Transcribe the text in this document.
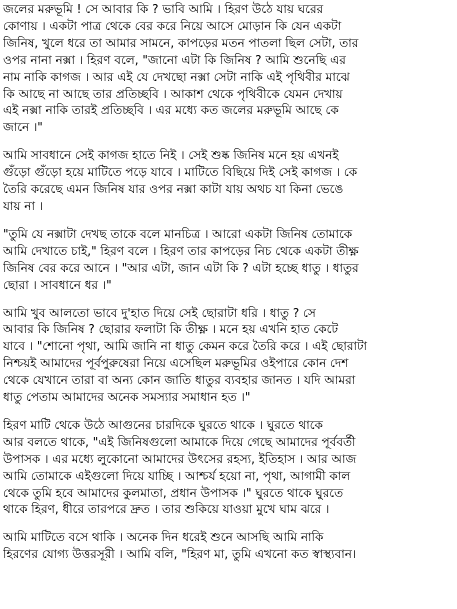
জলের মরুভূমি ! সে আবার কি ? ভাবি আমি । হিরণ উঠে যায় ঘরের
কোণায় । একটা পাত্র থেকে বের করে নিয়ে আসে মোড়ান কি যেন একটা
জিনিষ, খুলে ধরে তা আমার সামনে, কাপড়ের মতন পাতলা ছিল সেটা, তার
ওপর নানা নক্সা । হিরণ বলে, "জানো এটা কি জিনিষ ? আমি শুনেছি এর
নাম নাকি কাগজ । আর এই যে দেখছো নক্সা সেটা নাকি এই পৃথিবীর মাঝে
কি আছে না আছে তার প্রতিচ্ছবি । আকাশ থেকে পৃথিবীকে যেমন দেখায়
এই নক্সা নাকি তারই প্রতিচ্ছবি । এর মধ্যে কত জলের মরুভূমি আছে কে
জানে ।"
আমি সাবধানে সেই কাগজ হাতে নিই । সেই শুষ্ক জিনিষ মনে হয় এখনই
গুঁড়ো গুঁড়ো হয়ে মাটিতে পড়ে যাবে । মাটিতে বিছিয়ে দিই সেই কাগজ । কে
তৈরি করেছে এমন জিনিষ যার ওপর নক্সা কাটা যায় অথচ যা কিনা ভেঙে
যায় না ।
"তুমি যে নক্সাটা দেখছ তাকে বলে মানচিত্র । আরো একটা জিনিষ তোমাকে
আমি দেখাতে চাই," হিরণ বলে । হিরণ তার কাপড়ের নিচ থেকে একটা তীক্ষ্ণ
জিনিষ বের করে আনে । "আর এটা, জান এটা কি ? এটা হচ্ছে ধাতু । ধাতুর
ছোরা । সাবধানে ধর ।"
আমি খুব আলতো ভাবে দু'হাত দিয়ে সেই ছোরাটা ধরি । ধাতু ? সে
আবার কি জিনিষ ? ছোরার ফলাটা কি তীক্ষ্ণ । মনে হয় এখনি হাত কেটে
যাবে । "শোনো পৃথা, আমি জানি না ধাতু কেমন করে তৈরি করে । এই ছোরাটা
নিশ্চয়ই আমাদের পূর্বপুরুষেরা নিয়ে এসেছিল মরুভূমির ওইপারে কোন দেশ
থেকে যেখানে তারা বা অন্য কোন জাতি ধাতুর ব্যবহার জানত । যদি আমরা
ধাতু পেতাম আমাদের অনেক সমস্যার সমাধান হত ।"
হিরণ মাটি থেকে উঠে আগুনের চারদিকে ঘুরতে থাকে । ঘুরতে থাকে
আর বলতে থাকে, "এই জিনিষগুলো আমাকে দিয়ে গেছে আমাদের পূর্ববর্তী
উপাসক । এর মধ্যে লুকোনো আমাদের উৎসের রহস্য, ইতিহাস । আর আজ
আমি তোমাকে এইগুলো দিয়ে যাচ্ছি । আশ্চর্য হয়ো না, পৃথা, আগামী কাল
থেকে তুমি হবে আমাদের কুলমাতা, প্রধান উপাসক ।" ঘুরতে থাকে ঘুরতে
থাকে হিরণ, ধীরে তারপরে দ্রুত । তার শুকিয়ে যাওয়া মুখে ঘাম ঝরে ।
আমি মাটিতে বসে থাকি । অনেক দিন ধরেই শুনে আসছি আমি নাকি
হিরণের যোগ্য উত্তরসূরী । আমি বলি, "হিরণ মা, তুমি এখনো কত স্বাস্থ্যবান।
